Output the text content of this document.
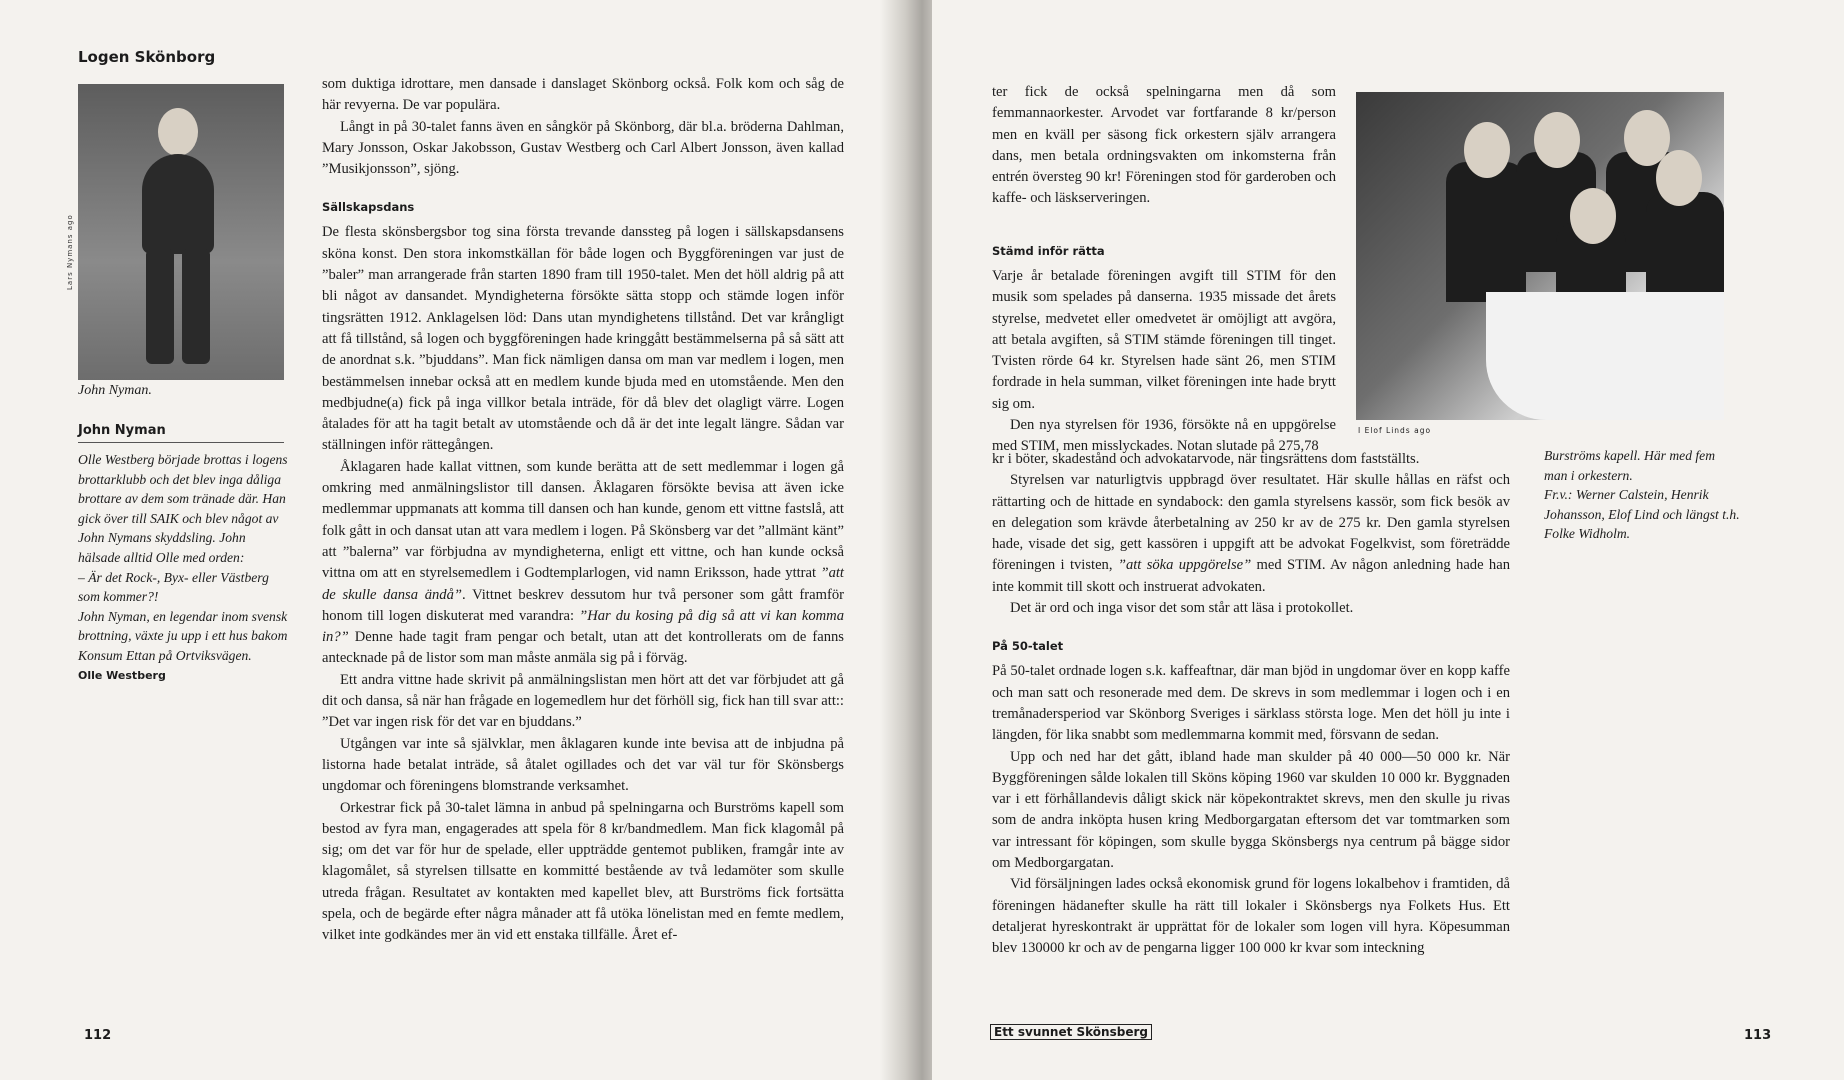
Logen Skönborg
Lars Nymans ago
John Nyman.
John Nyman

Olle Westberg började brottas i logens brottarklubb och det blev inga dåliga brottare av dem som tränade där. Han gick över till SAIK och blev något av John Nymans skyddsling. John hälsade alltid Olle med orden:

– Är det Rock-, Byx- eller Västberg som kommer?!

John Nyman, en legendar inom svensk brottning, växte ju upp i ett hus bakom Konsum Ettan på Ortviksvägen.

Olle Westberg

som duktiga idrottare, men dansade i danslaget Skönborg också. Folk kom och såg de här revyerna. De var populära.

Långt in på 30-talet fanns även en sångkör på Skönborg, där bl.a. bröderna Dahlman, Mary Jonsson, Oskar Jakobsson, Gustav Westberg och Carl Albert Jonsson, även kallad ”Musikjonsson”, sjöng.

Sällskapsdans

De flesta skönsbergsbor tog sina första trevande danssteg på logen i sällskapsdansens sköna konst. Den stora inkomstkällan för både logen och Byggföreningen var just de ”baler” man arrangerade från starten 1890 fram till 1950-talet. Men det höll aldrig på att bli något av dansandet. Myndigheterna försökte sätta stopp och stämde logen inför tingsrätten 1912. Anklagelsen löd: Dans utan myndighetens tillstånd. Det var krångligt att få tillstånd, så logen och byggföreningen hade kringgått bestämmelserna på så sätt att de anordnat s.k. ”bjuddans”. Man fick nämligen dansa om man var medlem i logen, men bestämmelsen innebar också att en medlem kunde bjuda med en utomstående. Men den medbjudne(a) fick på inga villkor betala inträde, för då blev det olagligt värre. Logen åtalades för att ha tagit betalt av utomstående och då är det inte legalt längre. Sådan var ställningen inför rättegången.

Åklagaren hade kallat vittnen, som kunde berätta att de sett medlemmar i logen gå omkring med anmälningslistor till dansen. Åklagaren försökte bevisa att även icke medlemmar uppmanats att komma till dansen och han kunde, genom ett vittne fastslå, att folk gått in och dansat utan att vara medlem i logen. På Skönsberg var det ”allmänt känt” att ”balerna” var förbjudna av myndigheterna, enligt ett vittne, och han kunde också vittna om att en styrelsemedlem i Godtemplarlogen, vid namn Eriksson, hade yttrat ”att de skulle dansa ändå”. Vittnet beskrev dessutom hur två personer som gått framför honom till logen diskuterat med varandra: ”Har du kosing på dig så att vi kan komma in?” Denne hade tagit fram pengar och betalt, utan att det kontrollerats om de fanns antecknade på de listor som man måste anmäla sig på i förväg.

Ett andra vittne hade skrivit på anmälningslistan men hört att det var förbjudet att gå dit och dansa, så när han frågade en logemedlem hur det förhöll sig, fick han till svar att:: ”Det var ingen risk för det var en bjuddans.”

Utgången var inte så självklar, men åklagaren kunde inte bevisa att de inbjudna på listorna hade betalat inträde, så åtalet ogillades och det var väl tur för Skönsbergs ungdomar och föreningens blomstrande verksamhet.

Orkestrar fick på 30-talet lämna in anbud på spelningarna och Burströms kapell som bestod av fyra man, engagerades att spela för 8 kr/bandmedlem. Man fick klagomål på sig; om det var för hur de spelade, eller uppträdde gentemot publiken, framgår inte av klagomålet, så styrelsen tillsatte en kommitté bestående av två ledamöter som skulle utreda frågan. Resultatet av kontakten med kapellet blev, att Burströms fick fortsätta spela, och de begärde efter några månader att få utöka lönelistan med en femte medlem, vilket inte godkändes mer än vid ett enstaka tillfälle. Året ef-

112

ter fick de också spelningarna men då som femmannaorkester. Arvodet var fortfarande 8 kr/person men en kväll per säsong fick orkestern själv arrangera dans, men betala ordningsvakten om inkomsterna från entrén översteg 90 kr! Föreningen stod för garderoben och kaffe- och läskserveringen.

Stämd inför rätta

Varje år betalade föreningen avgift till STIM för den musik som spelades på danserna. 1935 missade det årets styrelse, medvetet eller omedvetet är omöjligt att avgöra, att betala avgiften, så STIM stämde föreningen till tinget. Tvisten rörde 64 kr. Styrelsen hade sänt 26, men STIM fordrade in hela summan, vilket föreningen inte hade brytt sig om.

Den nya styrelsen för 1936, försökte nå en uppgörelse med STIM, men misslyckades. Notan slutade på 275,78

I Elof Linds ago

kr i böter, skadestånd och advokatarvode, när tingsrättens dom fastställts.

Styrelsen var naturligtvis uppbragd över resultatet. Här skulle hållas en räfst och rättarting och de hittade en syndabock: den gamla styrelsens kassör, som fick besök av en delegation som krävde återbetalning av 250 kr av de 275 kr. Den gamla styrelsen hade, visade det sig, gett kassören i uppgift att be advokat Fogelkvist, som företrädde föreningen i tvisten, ”att söka uppgörelse” med STIM. Av någon anledning hade han inte kommit till skott och instruerat advokaten.

Det är ord och inga visor det som står att läsa i protokollet.

På 50-talet

På 50-talet ordnade logen s.k. kaffeaftnar, där man bjöd in ungdomar över en kopp kaffe och man satt och resonerade med dem. De skrevs in som medlemmar i logen och i en tremånadersperiod var Skönborg Sveriges i särklass största loge. Men det höll ju inte i längden, för lika snabbt som medlemmarna kommit med, försvann de sedan.

Upp och ned har det gått, ibland hade man skulder på 40 000—50 000 kr. När Byggföreningen sålde lokalen till Sköns köping 1960 var skulden 10 000 kr. Byggnaden var i ett förhållandevis dåligt skick när köpekontraktet skrevs, men den skulle ju rivas som de andra inköpta husen kring Medborgargatan eftersom det var tomtmarken som var intressant för köpingen, som skulle bygga Skönsbergs nya centrum på bägge sidor om Medborgargatan.

Vid försäljningen lades också ekonomisk grund för logens lokalbehov i framtiden, då föreningen hädanefter skulle ha rätt till lokaler i Skönsbergs nya Folkets Hus. Ett detaljerat hyreskontrakt är upprättat för de lokaler som logen vill hyra. Köpesumman blev 130000 kr och av de pengarna ligger 100 000 kr kvar som inteckning

Burströms kapell. Här med fem man i orkestern.

Fr.v.: Werner Calstein, Henrik Johansson, Elof Lind och längst t.h. Folke Widholm.

Ett svunnet Skönsberg	113
